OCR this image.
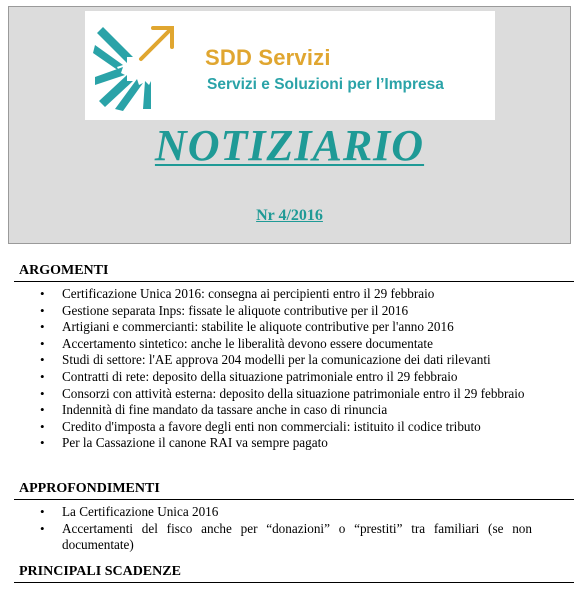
SDD Servizi
Servizi e Soluzioni per l’Impresa
NOTIZIARIO
Nr 4/2016
ARGOMENTI
• Certificazione Unica 2016: consegna ai percipienti entro il 29 febbraio
• Gestione separata Inps: fissate le aliquote contributive per il 2016
• Artigiani e commercianti: stabilite le aliquote contributive per l'anno 2016
• Accertamento sintetico: anche le liberalità devono essere documentate
• Studi di settore: l'AE approva 204 modelli per la comunicazione dei dati rilevanti
• Contratti di rete: deposito della situazione patrimoniale entro il 29 febbraio
• Consorzi con attività esterna: deposito della situazione patrimoniale entro il 29 febbraio
• Indennità di fine mandato da tassare anche in caso di rinuncia
• Credito d'imposta a favore degli enti non commerciali: istituito il codice tributo
• Per la Cassazione il canone RAI va sempre pagato
APPROFONDIMENTI
• La Certificazione Unica 2016
• Accertamenti del fisco anche per “donazioni” o “prestiti” tra familiari (se non documentate)
PRINCIPALI SCADENZE
